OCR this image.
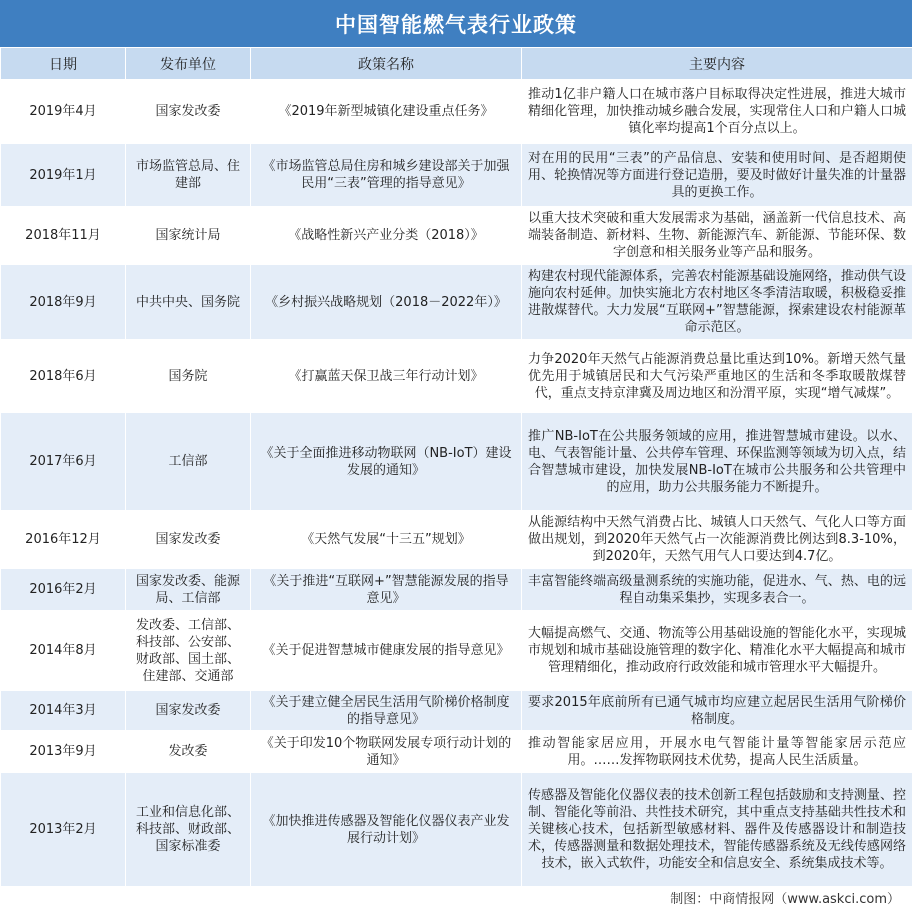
中国智能燃气表行业政策
日期	发布单位	政策名称	主要内容
2019年4月	国家发改委	《2019年新型城镇化建设重点任务》	推动1亿非户籍人口在城市落户目标取得决定性进展，推进大城市精细化管理，加快推动城乡融合发展，实现常住人口和户籍人口城镇化率均提高1个百分点以上。
2019年1月	市场监管总局、住建部	《市场监管总局住房和城乡建设部关于加强民用“三表”管理的指导意见》	对在用的民用“三表”的产品信息、安装和使用时间、是否超期使用、轮换情况等方面进行登记造册，要及时做好计量失准的计量器具的更换工作。
2018年11月	国家统计局	《战略性新兴产业分类（2018）》	以重大技术突破和重大发展需求为基础，涵盖新一代信息技术、高端装备制造、新材料、生物、新能源汽车、新能源、节能环保、数字创意和相关服务业等产品和服务。
2018年9月	中共中央、国务院	《乡村振兴战略规划（2018－2022年）》	构建农村现代能源体系，完善农村能源基础设施网络，推动供气设施向农村延伸。加快实施北方农村地区冬季清洁取暖，积极稳妥推进散煤替代。大力发展“互联网+”智慧能源，探索建设农村能源革命示范区。
2018年6月	国务院	《打赢蓝天保卫战三年行动计划》	力争2020年天然气占能源消费总量比重达到10%。新增天然气量优先用于城镇居民和大气污染严重地区的生活和冬季取暖散煤替代，重点支持京津冀及周边地区和汾渭平原，实现“增气减煤”。
2017年6月	工信部	《关于全面推进移动物联网（NB-IoT）建设发展的通知》	推广NB-IoT在公共服务领域的应用，推进智慧城市建设。以水、电、气表智能计量、公共停车管理、环保监测等领域为切入点，结合智慧城市建设，加快发展NB-IoT在城市公共服务和公共管理中的应用，助力公共服务能力不断提升。
2016年12月	国家发改委	《天然气发展“十三五”规划》	从能源结构中天然气消费占比、城镇人口天然气、气化人口等方面做出规划，到2020年天然气占一次能源消费比例达到8.3-10%，到2020年，天然气用气人口要达到4.7亿。
2016年2月	国家发改委、能源局、工信部	《关于推进“互联网+”智慧能源发展的指导意见》	丰富智能终端高级量测系统的实施功能，促进水、气、热、电的远程自动集采集抄，实现多表合一。
2014年8月	发改委、工信部、科技部、公安部、财政部、国土部、住建部、交通部	《关于促进智慧城市健康发展的指导意见》	大幅提高燃气、交通、物流等公用基础设施的智能化水平，实现城市规划和城市基础设施管理的数字化、精准化水平大幅提高和城市管理精细化，推动政府行政效能和城市管理水平大幅提升。
2014年3月	国家发改委	《关于建立健全居民生活用气阶梯价格制度的指导意见》	要求2015年底前所有已通气城市均应建立起居民生活用气阶梯价格制度。
2013年9月	发改委	《关于印发10个物联网发展专项行动计划的通知》	推动智能家居应用，开展水电气智能计量等智能家居示范应用。……发挥物联网技术优势，提高人民生活质量。
2013年2月	工业和信息化部、科技部、财政部、国家标准委	《加快推进传感器及智能化仪器仪表产业发展行动计划》	传感器及智能化仪器仪表的技术创新工程包括鼓励和支持测量、控制、智能化等前沿、共性技术研究，其中重点支持基础共性技术和关键核心技术，包括新型敏感材料、器件及传感器设计和制造技术，传感器测量和数据处理技术，智能传感器系统及无线传感网络技术，嵌入式软件，功能安全和信息安全、系统集成技术等。
制图：中商情报网（www.askci.com）
